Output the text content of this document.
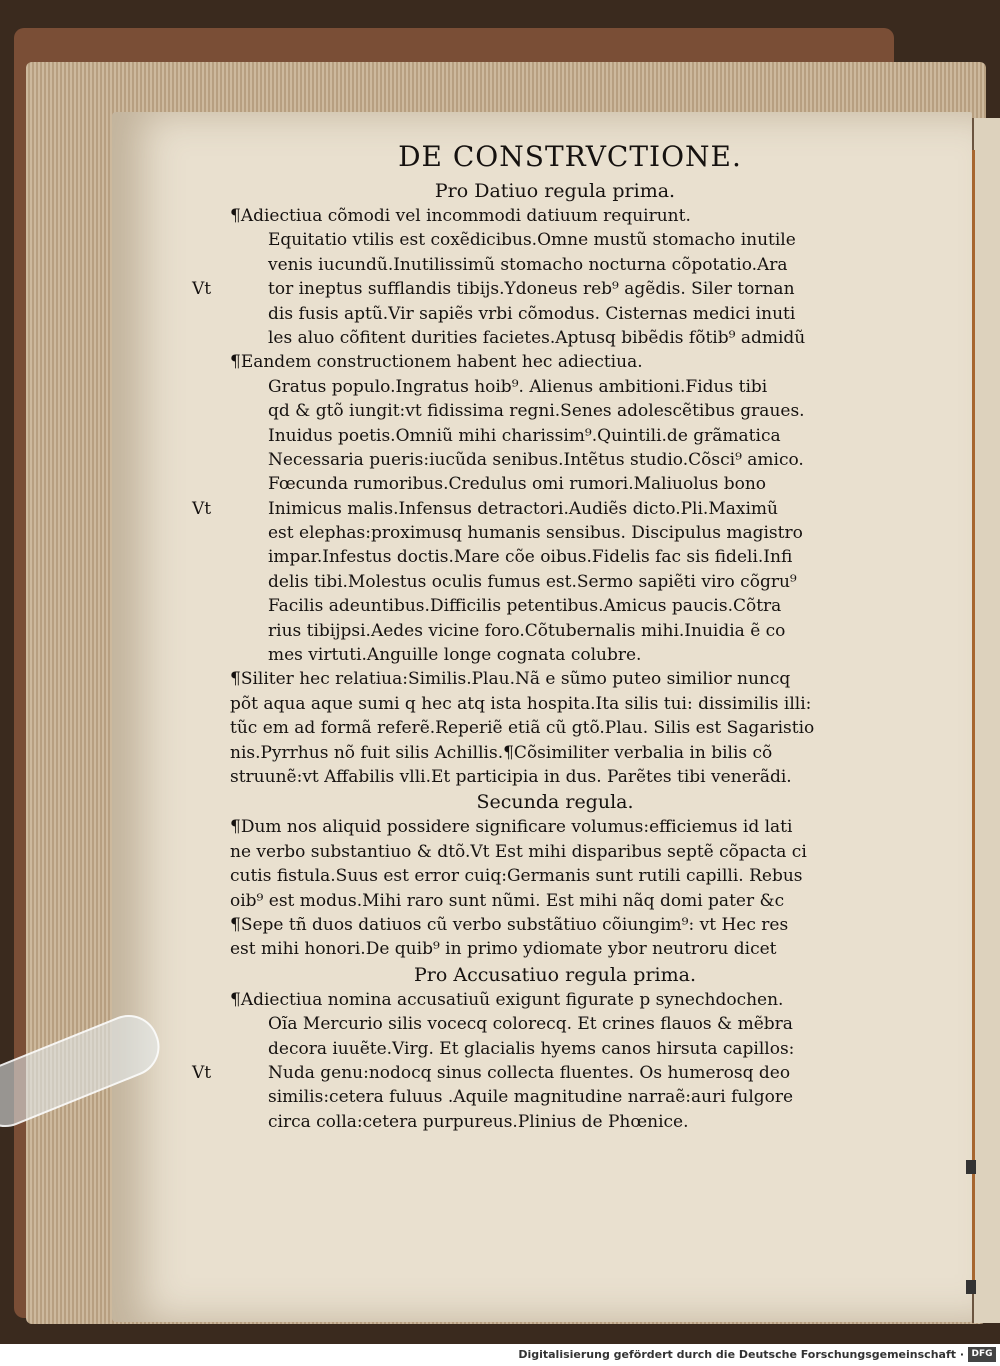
DE CONSTRVCTIONE.
Pro Datiuo regula prima.
¶Adiectiua cõmodi vel incommodi datiuum requirunt.
Equitatio vtilis est coxẽdicibus.Omne mustũ stomacho inutile
venis iucundũ.Inutilissimũ stomacho nocturna cõpotatio.Ara
Vt	tor ineptus sufflandis tibijs.Ydoneus reb⁹ agẽdis. Siler tornan
dis fusis aptũ.Vir sapiẽs vrbi cõmodus. Cisternas medici inuti
les aluo cõfitent durities facietes.Aptusq bibẽdis fõtib⁹ admidũ
¶Eandem constructionem habent hec adiectiua.
Gratus populo.Ingratus hoib⁹. Alienus ambitioni.Fidus tibi
qd & gtõ iungit:vt fidissima regni.Senes adolescẽtibus graues.
Inuidus poetis.Omniũ mihi charissim⁹.Quintili.de grãmatica
Necessaria pueris:iucũda senibus.Intẽtus studio.Cõsci⁹ amico.
Fœcunda rumoribus.Credulus omi rumori.Maliuolus bono
Vt	Inimicus malis.Infensus detractori.Audiẽs dicto.Pli.Maximũ
est elephas:proximusq humanis sensibus. Discipulus magistro
impar.Infestus doctis.Mare cõe oibus.Fidelis fac sis fideli.Infi
delis tibi.Molestus oculis fumus est.Sermo sapiẽti viro cõgru⁹
Facilis adeuntibus.Difficilis petentibus.Amicus paucis.Cõtra
rius tibijpsi.Aedes vicine foro.Cõtubernalis mihi.Inuidia ẽ co
mes virtuti.Anguille longe cognata colubre.
¶Siliter hec relatiua:Similis.Plau.Nã e sũmo puteo similior nuncq
põt aqua aque sumi q hec atq ista hospita.Ita silis tui: dissimilis illi:
tũc em ad formã referẽ.Reperiẽ etiã cũ gtõ.Plau. Silis est Sagaristio
nis.Pyrrhus nõ fuit silis Achillis.¶Cõsimiliter verbalia in bilis cõ
struunẽ:vt Affabilis vlli.Et participia in dus. Parẽtes tibi venerãdi.
Secunda regula.
¶Dum nos aliquid possidere significare volumus:efficiemus id lati
ne verbo substantiuo & dtõ.Vt Est mihi disparibus septẽ cõpacta ci
cutis fistula.Suus est error cuiq:Germanis sunt rutili capilli. Rebus
oib⁹ est modus.Mihi raro sunt nũmi. Est mihi nãq domi pater &c
¶Sepe tñ duos datiuos cũ verbo substãtiuo cõiungim⁹: vt Hec res
est mihi honori.De quib⁹ in primo ydiomate ybor neutroru dicet
Pro Accusatiuo regula prima.
¶Adiectiua nomina accusatiuũ exigunt figurate p synechdochen.
Oĩa Mercurio silis vocecq colorecq. Et crines flauos & mẽbra
decora iuuẽte.Virg. Et glacialis hyems canos hirsuta capillos:
Vt	Nuda genu:nodocq sinus collecta fluentes. Os humerosq deo
similis:cetera fuluus .Aquile magnitudine narraẽ:auri fulgore
circa colla:cetera purpureus.Plinius de Phœnice.
Digitalisierung gefördert durch die Deutsche Forschungsgemeinschaft · DFG
